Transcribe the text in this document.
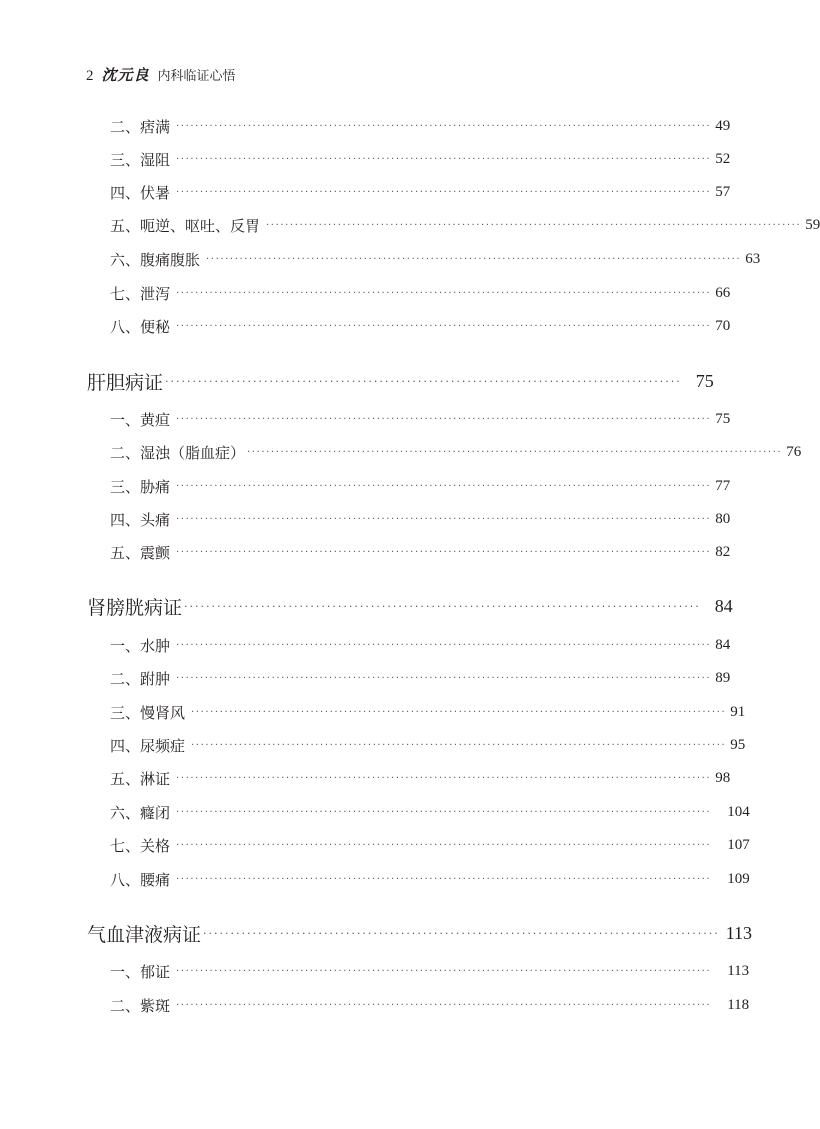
2 沈元良 内科临证心悟
二、痞满 ················································································································ 49
三、湿阻 ················································································································ 52
四、伏暑 ················································································································ 57
五、呃逆、呕吐、反胃 ················································································································ 59
六、腹痛腹胀 ················································································································ 63
七、泄泻 ················································································································ 66
八、便秘 ················································································································ 70
肝胆病证 ······························································································ 75
一、黄疸 ················································································································ 75
二、湿浊（脂血症） ················································································································ 76
三、胁痛 ················································································································ 77
四、头痛 ················································································································ 80
五、震颤 ················································································································ 82
肾膀胱病证 ······························································································ 84
一、水肿 ················································································································ 84
二、跗肿 ················································································································ 89
三、慢肾风 ················································································································ 91
四、尿频症 ················································································································ 95
五、淋证 ················································································································ 98
六、癃闭 ················································································································ 104
七、关格 ················································································································ 107
八、腰痛 ················································································································ 109
气血津液病证 ······························································································ 113
一、郁证 ················································································································ 113
二、紫斑 ················································································································ 118
